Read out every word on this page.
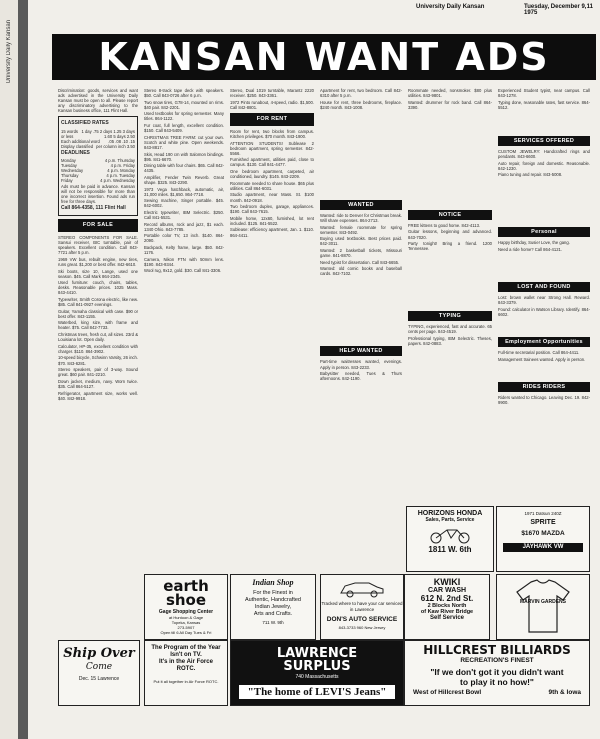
University Daily Kansan
University Daily Kansan	Tuesday, December 9, 1975
11
KANSAN WANT ADS

Discrimination: goods, services and want ads advertised in the University Daily Kansan must be open to all. Please report any discriminatory advertising to the Kansan business office, 111 Flint Hall.

CLASSIFIED RATES
15 words or less
1 day .75 2 days 1.25 3 days 1.60 5 days 2.50
Each additional word .05 .08 .10 .15
Display classified per column inch 3.50
DEADLINES
Monday	4 p.m. Thursday
Tuesday	4 p.m. Friday
Wednesday	4 p.m. Monday
Thursday	4 p.m. Tuesday
Friday	4 p.m. Wednesday

Ads must be paid in advance. Kansan will not be responsible for more than one incorrect insertion. Found ads run free for three days.

Call 864-4358, 111 Flint Hall

FOR SALE

STEREO COMPONENTS FOR SALE. Sansui receiver, BIC turntable, pair of speakers. Excellent condition. Call 843-7721 after 5 p.m.

1969 VW bus, rebuilt engine, new tires, runs great. $1,200 or best offer. 842-6610.

Ski boots, size 10, Lange, used one season. $45. Call Mark 864-2345.

Used furniture: couch, chairs, tables, desks. Reasonable prices. 1025 Mass. 843-4410.

Typewriter, Smith Corona electric, like new. $85. Call 841-0927 evenings.

Guitar, Yamaha classical with case. $90 or best offer. 843-1155.

Waterbed, king size, with frame and heater. $75. Call 842-7733.

Christmas trees, fresh cut, all sizes. 23rd & Louisiana lot. Open daily.

Calculator, HP-35, excellent condition with charger. $110. 864-3902.

10-speed bicycle, Schwinn Varsity, 26 inch. $70. 843-6281.

Stereo speakers, pair of 3-way. Sound great. $60 pair. 841-2210.

Down jacket, medium, navy. Worn twice. $35. Call 864-5127.

Refrigerator, apartment size, works well. $40. 842-9918.

Stereo 8-track tape deck with speakers. $50. Call 843-0726 after 6 p.m.

Two snow tires, G78-14, mounted on rims. $40 pair. 842-2201.

Used textbooks for spring semester. Many titles. 864-1122.

Fur coat, full length, excellent condition. $150. Call 843-5409.

CHRISTMAS TREE FARM: cut your own. Scotch and white pine. Open weekends. 843-8817.

Skis, Head 190 cm with Salomon bindings. $95. 841-6670.

Dining table with four chairs. $65. Call 842-4435.

Amplifier, Fender Twin Reverb. Great shape. $325. 843-2290.

1973 Vega hatchback, automatic, air, 31,000 miles. $1,650. 864-7718.

Sewing machine, Singer portable. $45. 842-6002.

Electric typewriter, IBM Selectric. $250. Call 841-5531.

Record albums, rock and jazz, $1 each. 1340 Ohio. 843-7785.

Portable color TV, 13 inch. $140. 864-2090.

Backpack, Kelty frame, large. $50. 842-1176.

Camera, Nikon FTN with 50mm lens. $190. 843-9344.

Wool rug, 9x12, gold. $30. Call 841-3306.

Stereo, Dual 1019 turntable, Marantz 2220 receiver. $250. 843-3361.

1972 Pinto runabout, 4-speed, radio. $1,500. Call 842-8801.

FOR RENT

Room for rent, two blocks from campus. Kitchen privileges. $70 month. 843-1900.

ATTENTION STUDENTS! Sublease 2 bedroom apartment, spring semester. 842-5566.

Furnished apartment, utilities paid, close to campus. $130. Call 841-4477.

One bedroom apartment, carpeted, air conditioned, laundry. $145. 843-2209.

Roommate needed to share house. $65 plus utilities. Call 864-6031.

Studio apartment, near Mass. St. $100 month. 842-0918.

Two bedroom duplex, garage, appliances. $190. Call 843-7615.

Mobile home, 12x60, furnished, lot rent included. $125. 841-5522.

Sublease: efficiency apartment, Jan. 1. $110. 864-4411.

Apartment for rent, two bedroom. Call 842-6310 after 5 p.m.

House for rent, three bedrooms, fireplace. $240 month. 843-1008.

WANTED

Wanted: ride to Denver for Christmas break. Will share expenses. 864-2713.

Wanted: female roommate for spring semester. 843-0492.

Buying used textbooks. Best prices paid. 842-3011.

Wanted: 2 basketball tickets, Missouri game. 841-8870.

Need typist for dissertation. Call 843-6655.

Wanted: old comic books and baseball cards. 842-7102.

HELP WANTED

Part-time waitresses wanted, evenings. Apply in person. 843-2233.

Babysitter needed, Tues & Thurs afternoons. 842-1190.

Roommate needed, nonsmoker. $80 plus utilities. 843-9801.

Wanted: drummer for rock band. Call 864-3390.

NOTICE

FREE kittens to good home. 842-4113.

Guitar lessons, beginning and advanced. 843-7020.

Party tonight! Bring a friend. 1200 Tennessee.

TYPING

TYPING, experienced, fast and accurate. 65 cents per page. 843-4519.

Professional typing, IBM Selectric. Theses, papers. 842-0883.

Experienced Student typist, near campus. Call 843-1278.

Typing done, reasonable rates, fast service. 864-5512.

SERVICES OFFERED

CUSTOM JEWELRY: Handcrafted rings and pendants. 843-6600.

Auto repair, foreign and domestic. Reasonable. 842-1230.

Piano tuning and repair. 843-5008.

Personal

Happy birthday, Susie! Love, the gang.

Need a ride home? Call 864-4121.

LOST AND FOUND

Lost: brown wallet near Strong Hall. Reward. 843-3379.

Found: calculator in Watson Library. Identify. 864-6602.

Employment Opportunities

Full-time secretarial position. Call 864-4411.

Management trainees wanted. Apply in person.

RIDES RIDERS

Riders wanted to Chicago. Leaving Dec. 19. 842-9900.

earth
shoe
Gage Shopping Center
at Huntoon & Gage
Topeka, Kansas
273-5907
Open till 6 All Day Tues & Fri
Indian Shop
For the Finest in
Authentic, Handcrafted
Indian Jewelry,
Arts and Crafts.
711 W. 9th
Tracked where to have your car serviced in Lawrence
DON'S AUTO SERVICE
843-3733 960 New Jersey
HORIZONS HONDA
Sales, Parts, Service
1811 W. 6th
KWIKI
CAR WASH
612 N. 2nd St.
2 Blocks North
of Kaw River Bridge
Self Service
1971 Datsun 240Z
SPRITE
$1670 MAZDA
JAYHAWK VW
MARVIN GARDENS
Ship Over
Come
Dec. 15 Lawrence
The Program of the Year
Isn't on TV.
It's in the Air Force
ROTC.
Put it all together in Air Force ROTC.
LAWRENCE
SURPLUS
740 Massachusetts
"The home of LEVI'S Jeans"
HILLCREST BILLIARDS
RECREATION'S FINEST
"If we don't got it you didn't want
to play it no how!"
West of Hillcrest Bowl	9th & Iowa
